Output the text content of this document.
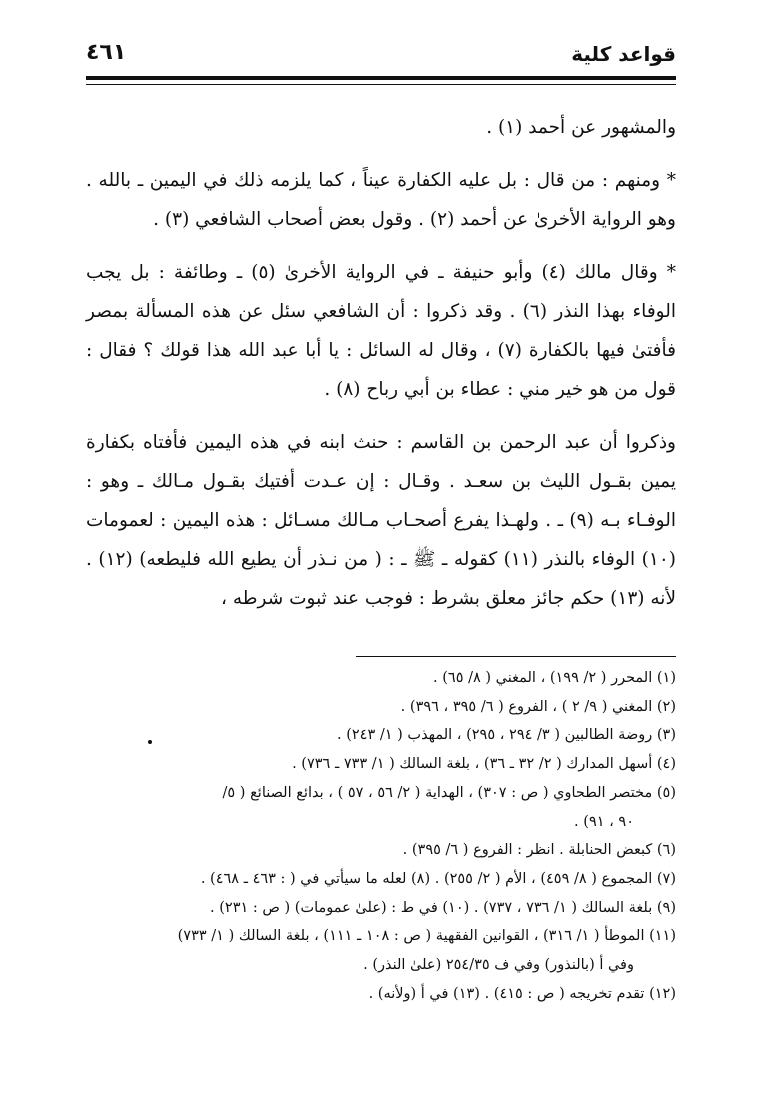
قواعد كلية
٤٦١

والمشهور عن أحمد (١) .

* ومنهم : من قال : بل عليه الكفارة عيناً ، كما يلزمه ذلك في اليمين ـ بالله . وهو الرواية الأخرىٰ عن أحمد (٢) . وقول بعض أصحاب الشافعي (٣) .

* وقال مالك (٤) وأبو حنيفة ـ في الرواية الأخرىٰ (٥) ـ وطائفة : بل يجب الوفاء بهذا النذر (٦) . وقد ذكروا : أن الشافعي سئل عن هذه المسألة بمصر فأفتىٰ فيها بالكفارة (٧) ، وقال له السائل : يا أبا عبد الله هذا قولك ؟ فقال : قول من هو خير مني : عطاء بن أبي رباح (٨) .

وذكروا أن عبد الرحمن بن القاسم : حنث ابنه في هذه اليمين فأفتاه بكفارة يمين بقـول الليث بن سعـد . وقـال : إن عـدت أفتيك بقـول مـالك ـ وهو : الوفـاء بـه (٩) ـ . ولهـذا يفرع أصحـاب مـالك مسـائل : هذه اليمين : لعمومات (١٠) الوفاء بالنذر (١١) كقوله ـ ﷺ ـ : ( من نـذر أن يطيع الله فليطعه) (١٢) . لأنه (١٣) حكم جائز معلق بشرط : فوجب عند ثبوت شرطه ،

(١) المحرر ( ٢/ ١٩٩) ، المغني ( ٨/ ٦٥) .

(٢) المغني ( ٩/ ٢ ) ، الفروع ( ٦/ ٣٩٥ ، ٣٩٦) .

(٣) روضة الطالبين ( ٣/ ٢٩٤ ، ٢٩٥) ، المهذب ( ١/ ٢٤٣) .

(٤) أسهل المدارك ( ٢/ ٣٢ ـ ٣٦) ، بلغة السالك ( ١/ ٧٣٣ ـ ٧٣٦) .

(٥) مختصر الطحاوي ( ص : ٣٠٧) ، الهداية ( ٢/ ٥٦ ، ٥٧ ) ، بدائع الصنائع ( ٥/

٩٠ ، ٩١) .

(٦) كبعض الحنابلة . انظر : الفروع ( ٦/ ٣٩٥) .

(٧) المجموع ( ٨/ ٤٥٩) ، الأم ( ٢/ ٢٥٥) . (٨) لعله ما سيأتي في ( : ٤٦٣ ـ ٤٦٨) .

(٩) بلغة السالك ( ١/ ٧٣٦ ، ٧٣٧) . (١٠) في ط : (علىٰ عمومات) ( ص : ٢٣١) .

(١١) الموطأ ( ١/ ٣١٦) ، القوانين الفقهية ( ص : ١٠٨ ـ ١١١) ، بلغة السالك ( ١/ ٧٣٣)

وفي أ (بالنذور) وفي ف ٢٥٤/٣٥ (علىٰ النذر) .

(١٢) تقدم تخريجه ( ص : ٤١٥) . (١٣) في أ (ولأنه) .
